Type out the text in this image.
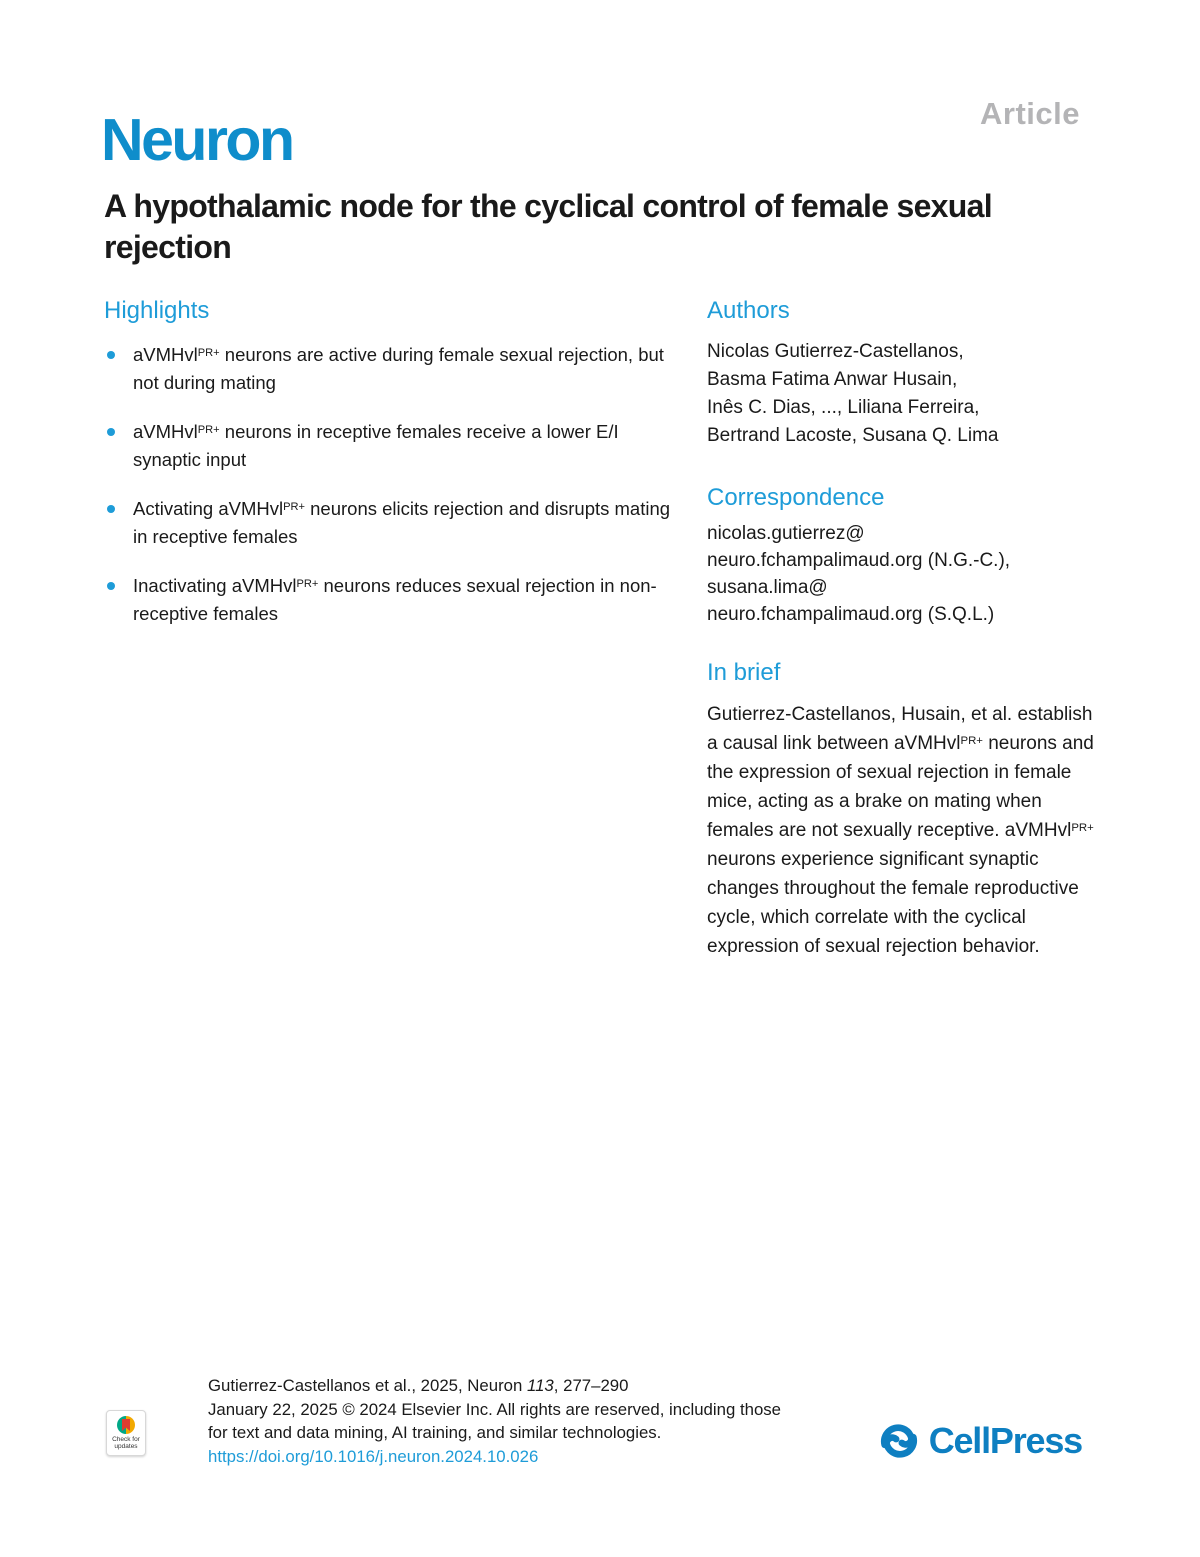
Article
Neuron
A hypothalamic node for the cyclical control of female sexual rejection
Highlights
aVMHvl$^{PR+}$ neurons are active during female sexual rejection, but not during mating
aVMHvl$^{PR+}$ neurons in receptive females receive a lower E/I synaptic input
Activating aVMHvl$^{PR+}$ neurons elicits rejection and disrupts mating in receptive females
Inactivating aVMHvl$^{PR+}$ neurons reduces sexual rejection in non-receptive females
Authors
Nicolas Gutierrez-Castellanos,
Basma Fatima Anwar Husain,
Inês C. Dias, ..., Liliana Ferreira,
Bertrand Lacoste, Susana Q. Lima
Correspondence
nicolas.gutierrez@
neuro.fchampalimaud.org (N.G.-C.),
susana.lima@
neuro.fchampalimaud.org (S.Q.L.)
In brief

Gutierrez-Castellanos, Husain, et al. establish a causal link between aVMHvl$^{PR+}$ neurons and the expression of sexual rejection in female mice, acting as a brake on mating when females are not sexually receptive. aVMHvl$^{PR+}$ neurons experience significant synaptic changes throughout the female reproductive cycle, which correlate with the cyclical expression of sexual rejection behavior.

Check for
updates
Gutierrez-Castellanos et al., 2025, Neuron 113, 277–290
January 22, 2025 © 2024 Elsevier Inc. All rights are reserved, including those
for text and data mining, AI training, and similar technologies.
https://doi.org/10.1016/j.neuron.2024.10.026	CellPress
